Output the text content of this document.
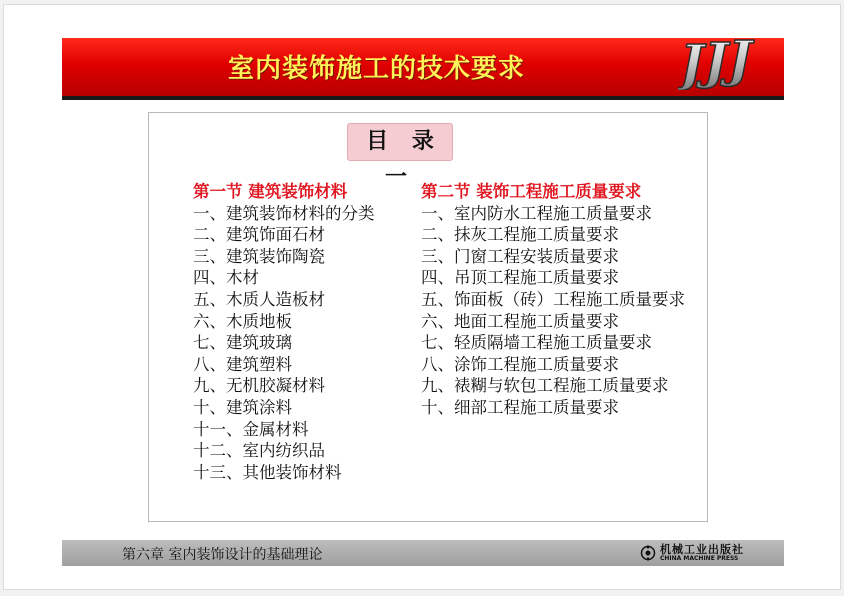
室内装饰施工的技术要求	J J J
目 录 一
第一节 建筑装饰材料
一、建筑装饰材料的分类
二、建筑饰面石材
三、建筑装饰陶瓷
四、木材
五、木质人造板材
六、木质地板
七、建筑玻璃
八、建筑塑料
九、无机胶凝材料
十、建筑涂料
十一、金属材料
十二、室内纺织品
十三、其他装饰材料
第二节 装饰工程施工质量要求
一、室内防水工程施工质量要求
二、抹灰工程施工质量要求
三、门窗工程安装质量要求
四、吊顶工程施工质量要求
五、饰面板（砖）工程施工质量要求
六、地面工程施工质量要求
七、轻质隔墙工程施工质量要求
八、涂饰工程施工质量要求
九、裱糊与软包工程施工质量要求
十、细部工程施工质量要求
第六章 室内装饰设计的基础理论	机械工业出版社
CHINA MACHINE PRESS
